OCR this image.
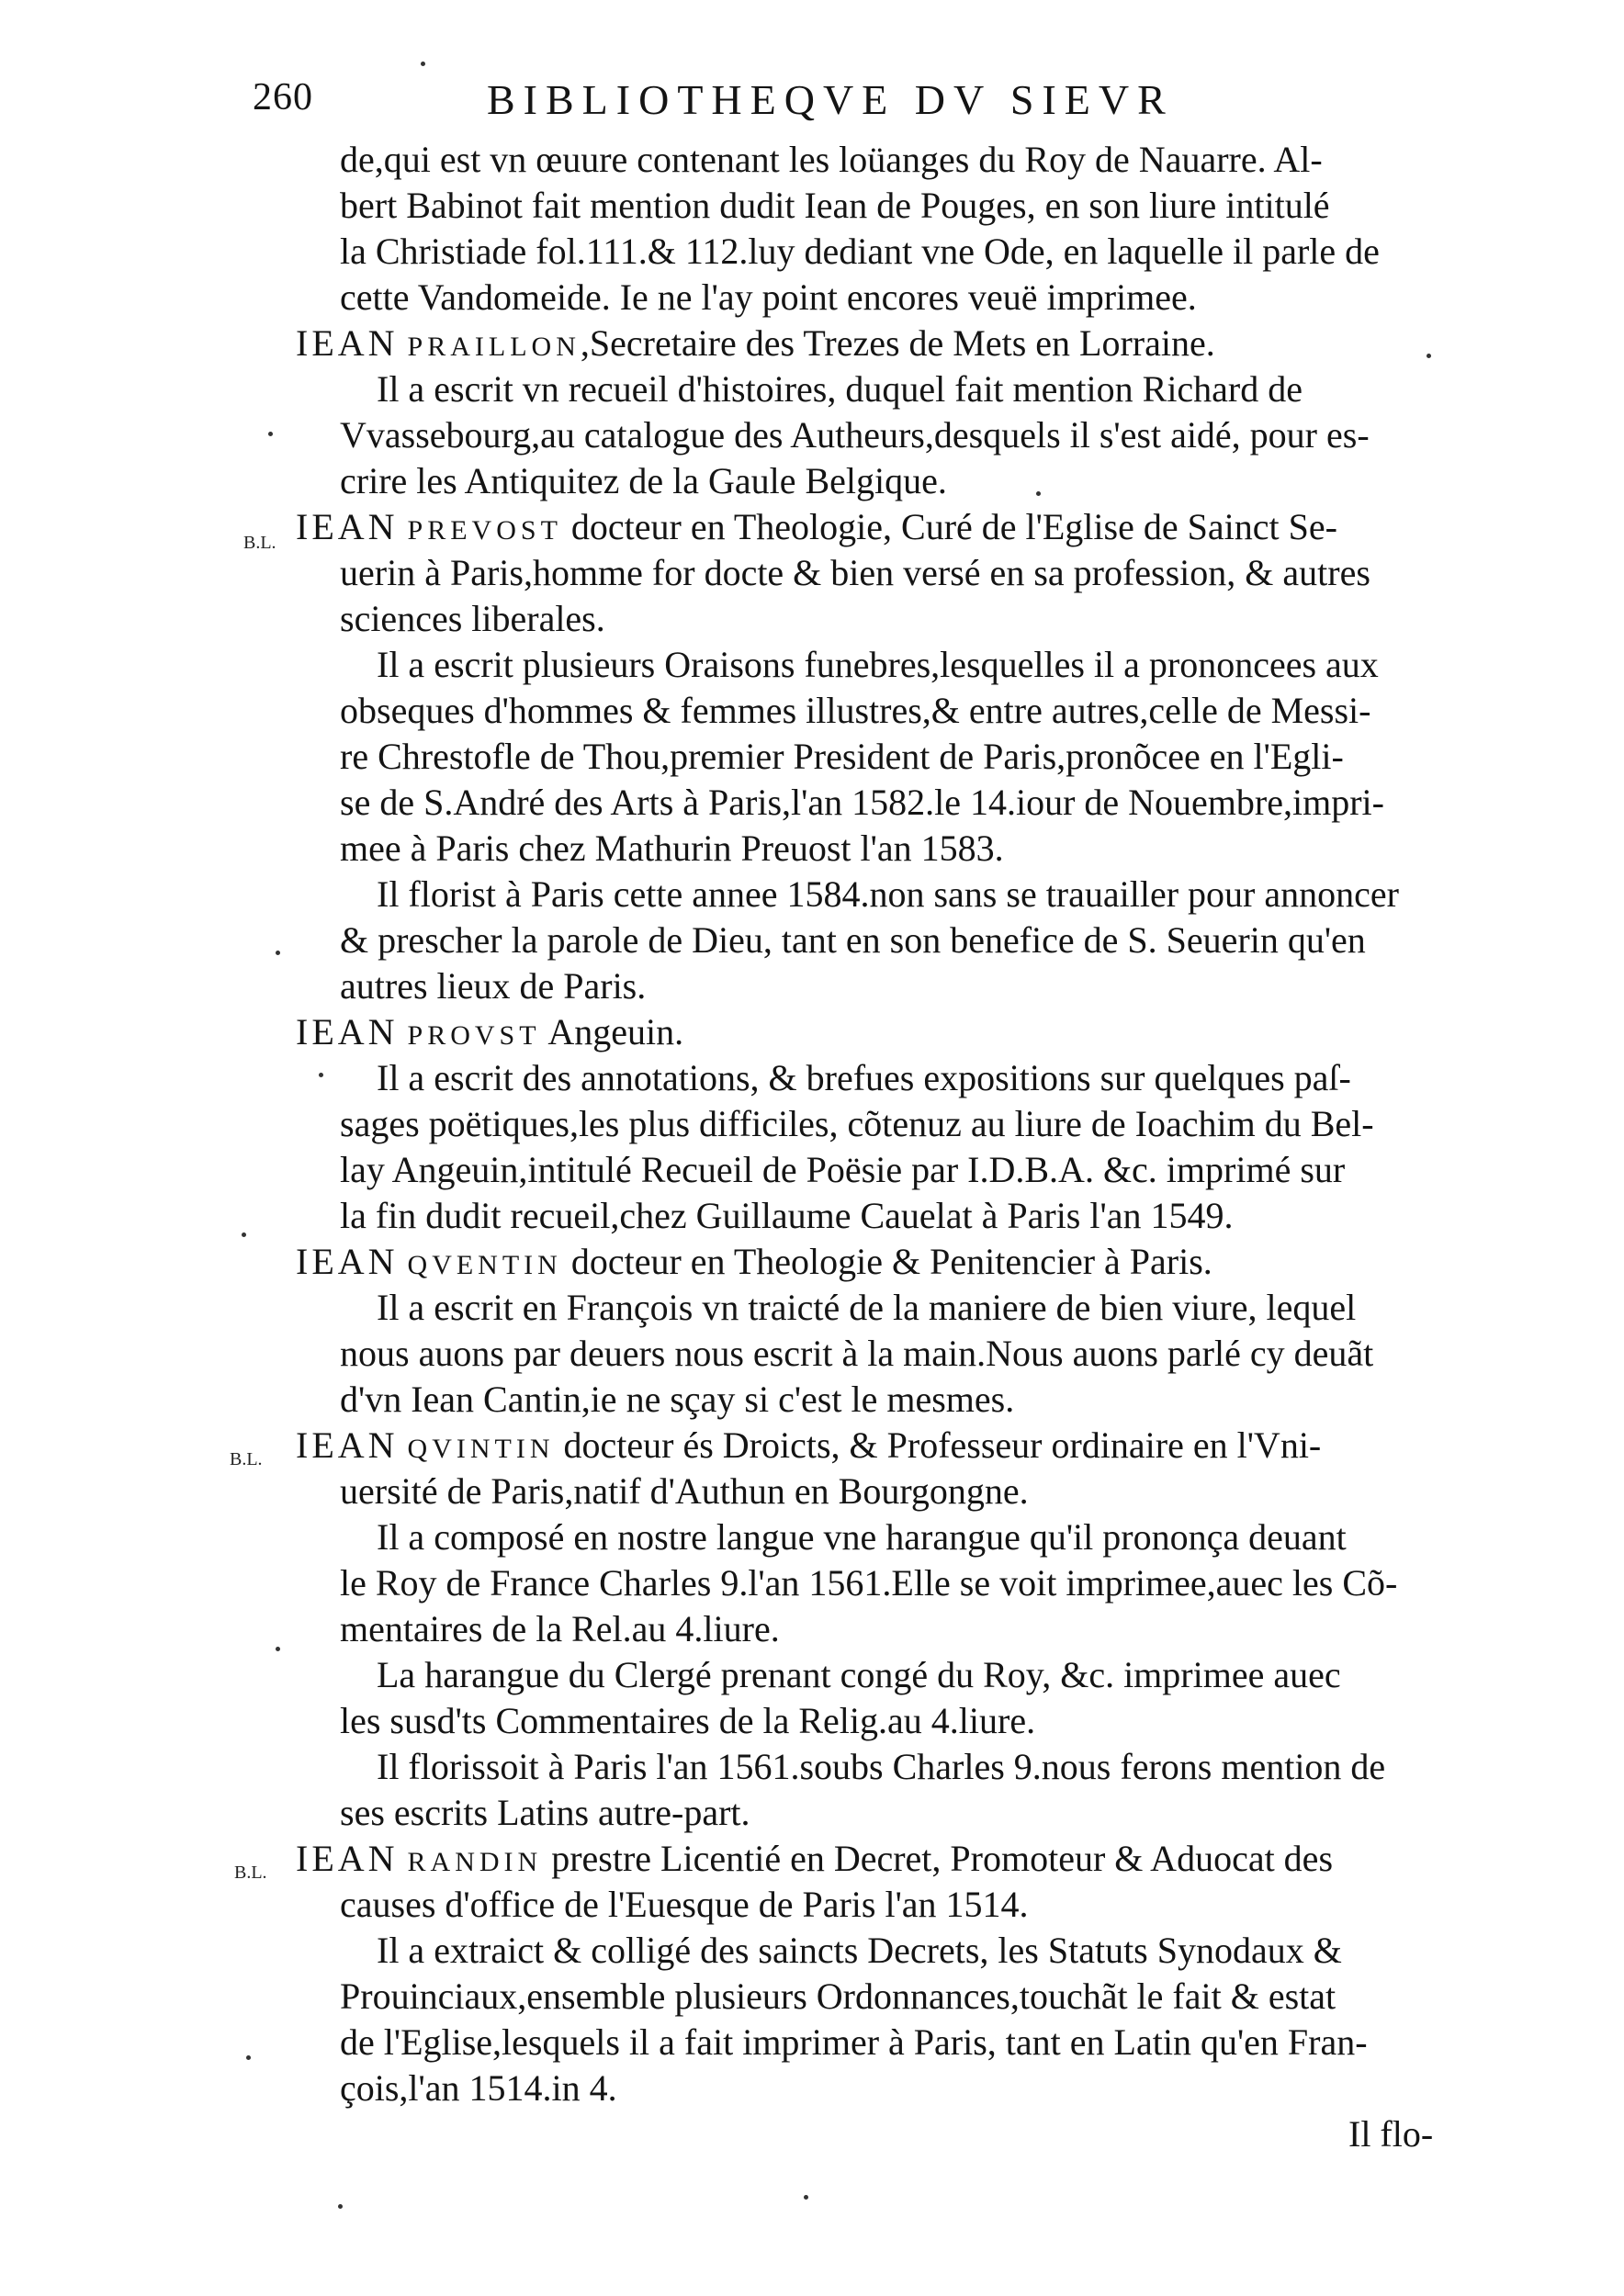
260	BIBLIOTHEQVE DV SIEVR
de,qui est vn œuure contenant les loüanges du Roy de Nauarre. Al-
bert Babinot fait mention dudit Iean de Pouges, en son liure intitulé
la Christiade fol.111.& 112.luy dediant vne Ode, en laquelle il parle de
cette Vandomeide. Ie ne l'ay point encores veuë imprimee.
IEAN PRAILLON,Secretaire des Trezes de Mets en Lorraine.
Il a escrit vn recueil d'histoires, duquel fait mention Richard de
Vvassebourg,au catalogue des Autheurs,desquels il s'est aidé, pour es-
crire les Antiquitez de la Gaule Belgique.
IEAN PREVOST docteur en Theologie, Curé de l'Eglise de Sainct Se-
uerin à Paris,homme for docte & bien versé en sa profession, & autres
sciences liberales.
Il a escrit plusieurs Oraisons funebres,lesquelles il a prononcees aux
obseques d'hommes & femmes illustres,& entre autres,celle de Messi-
re Chrestofle de Thou,premier President de Paris,pronõcee en l'Egli-
se de S.André des Arts à Paris,l'an 1582.le 14.iour de Nouembre,impri-
mee à Paris chez Mathurin Preuost l'an 1583.
Il florist à Paris cette annee 1584.non sans se trauailler pour annoncer
& prescher la parole de Dieu, tant en son benefice de S. Seuerin qu'en
autres lieux de Paris.
IEAN PROVST Angeuin.
Il a escrit des annotations, & brefues expositions sur quelques paſ-
sages poëtiques,les plus difficiles, cõtenuz au liure de Ioachim du Bel-
lay Angeuin,intitulé Recueil de Poësie par I.D.B.A. &c. imprimé sur
la fin dudit recueil,chez Guillaume Cauelat à Paris l'an 1549.
IEAN QVENTIN docteur en Theologie & Penitencier à Paris.
Il a escrit en François vn traicté de la maniere de bien viure, lequel
nous auons par deuers nous escrit à la main.Nous auons parlé cy deuãt
d'vn Iean Cantin,ie ne sçay si c'est le mesmes.
IEAN QVINTIN docteur és Droicts, & Professeur ordinaire en l'Vni-
uersité de Paris,natif d'Authun en Bourgongne.
Il a composé en nostre langue vne harangue qu'il prononça deuant
le Roy de France Charles 9.l'an 1561.Elle se voit imprimee,auec les Cõ-
mentaires de la Rel.au 4.liure.
La harangue du Clergé prenant congé du Roy, &c. imprimee auec
les susd'ts Commentaires de la Relig.au 4.liure.
Il florissoit à Paris l'an 1561.soubs Charles 9.nous ferons mention de
ses escrits Latins autre-part.
IEAN RANDIN prestre Licentié en Decret, Promoteur & Aduocat des
causes d'office de l'Euesque de Paris l'an 1514.
Il a extraict & colligé des saincts Decrets, les Statuts Synodaux &
Prouinciaux,ensemble plusieurs Ordonnances,touchãt le fait & estat
de l'Eglise,lesquels il a fait imprimer à Paris, tant en Latin qu'en Fran-
çois,l'an 1514.in 4.
B.L.
B.L.
B.L.
Il flo-
